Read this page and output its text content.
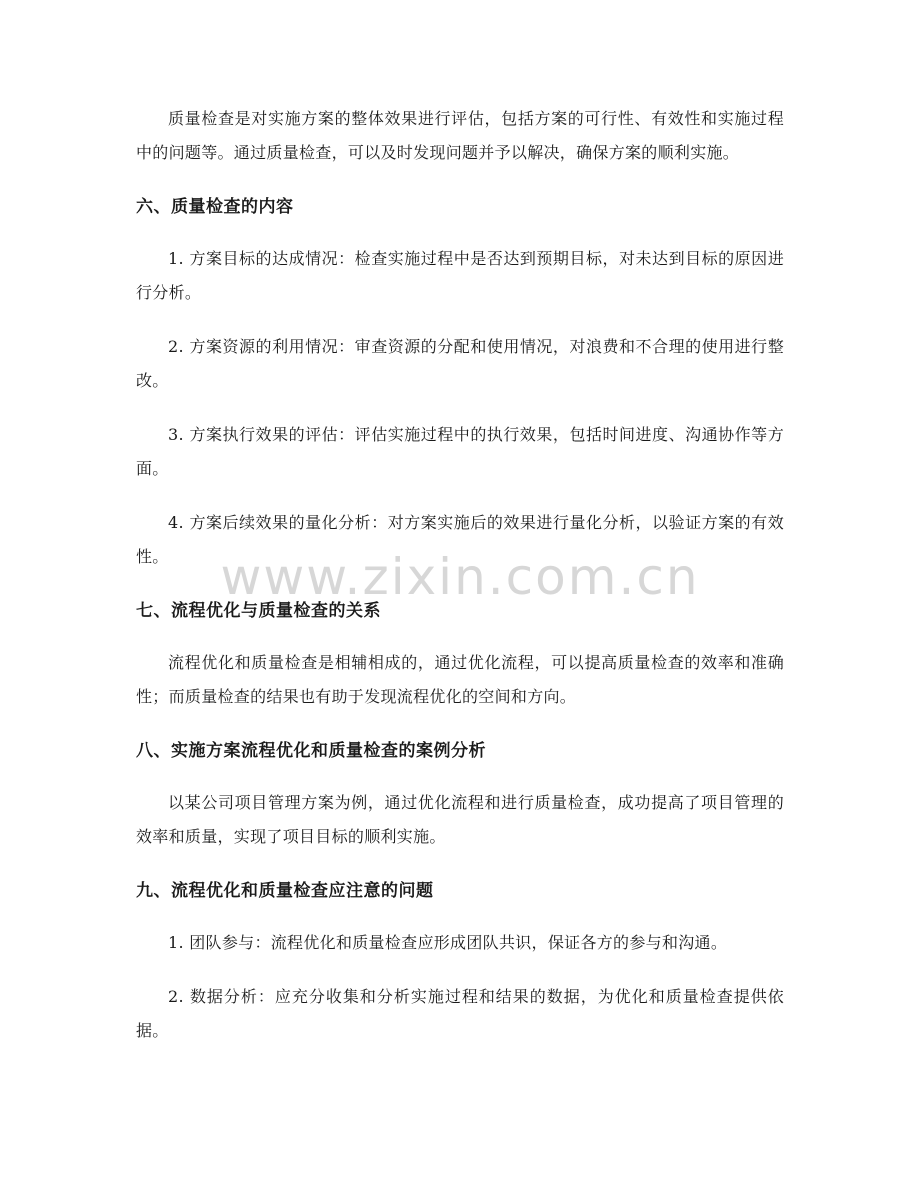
质量检查是对实施方案的整体效果进行评估，包括方案的可行性、有效性和实施过程中的问题等。通过质量检查，可以及时发现问题并予以解决，确保方案的顺利实施。

六、质量检查的内容

1. 方案目标的达成情况：检查实施过程中是否达到预期目标，对未达到目标的原因进行分析。

2. 方案资源的利用情况：审查资源的分配和使用情况，对浪费和不合理的使用进行整改。

3. 方案执行效果的评估：评估实施过程中的执行效果，包括时间进度、沟通协作等方面。

4. 方案后续效果的量化分析：对方案实施后的效果进行量化分析，以验证方案的有效性。

七、流程优化与质量检查的关系

流程优化和质量检查是相辅相成的，通过优化流程，可以提高质量检查的效率和准确性；而质量检查的结果也有助于发现流程优化的空间和方向。

八、实施方案流程优化和质量检查的案例分析

以某公司项目管理方案为例，通过优化流程和进行质量检查，成功提高了项目管理的效率和质量，实现了项目目标的顺利实施。

九、流程优化和质量检查应注意的问题

1. 团队参与：流程优化和质量检查应形成团队共识，保证各方的参与和沟通。

2. 数据分析：应充分收集和分析实施过程和结果的数据，为优化和质量检查提供依据。

www.zixin.com.cn
